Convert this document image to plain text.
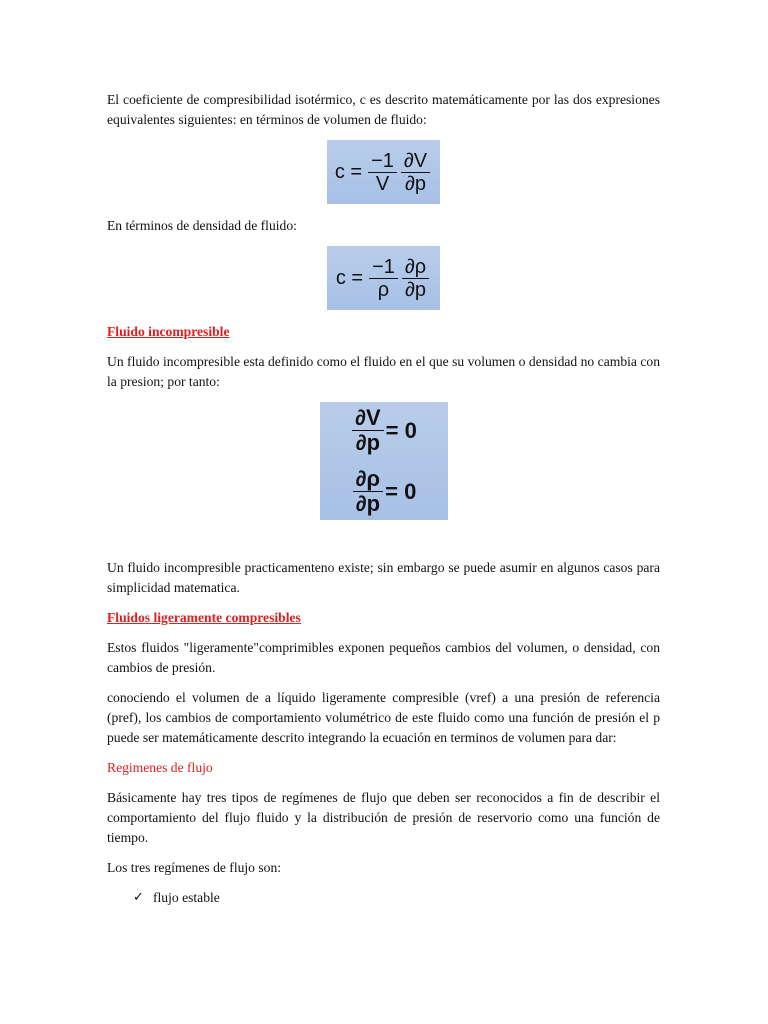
El coeficiente de compresibilidad isotérmico, c es descrito matemáticamente por las dos expresiones equivalentes siguientes: en términos de volumen de fluido:

$c = \frac{-1}{V} \frac{\partial V}{\partial p}$

En términos de densidad de fluido:

$c = \frac{-1}{\rho} \frac{\partial\rho}{\partial p}$

Fluido incompresible

Un fluido incompresible esta definido como el fluido en el que su volumen o densidad no cambia con la presion; por tanto:

$\frac{\partial V}{\partial p} = 0$
$\frac{\partial\rho}{\partial p} = 0$

Un fluido incompresible practicamenteno existe; sin embargo se puede asumir en algunos casos para simplicidad matematica.

Fluidos ligeramente compresibles

Estos fluidos "ligeramente"comprimibles exponen pequeños cambios del volumen, o densidad, con cambios de presión.

conociendo el volumen de a líquido ligeramente compresible (vref) a una presión de referencia (pref), los cambios de comportamiento volumétrico de este fluido como una función de presión el p puede ser matemáticamente descrito integrando la ecuación en terminos de volumen para dar:

Regimenes de flujo

Básicamente hay tres tipos de regímenes de flujo que deben ser reconocidos a fin de describir el comportamiento del flujo fluido y la distribución de presión de reservorio como una función de tiempo.

Los tres regímenes de flujo son:

✓ flujo estable
